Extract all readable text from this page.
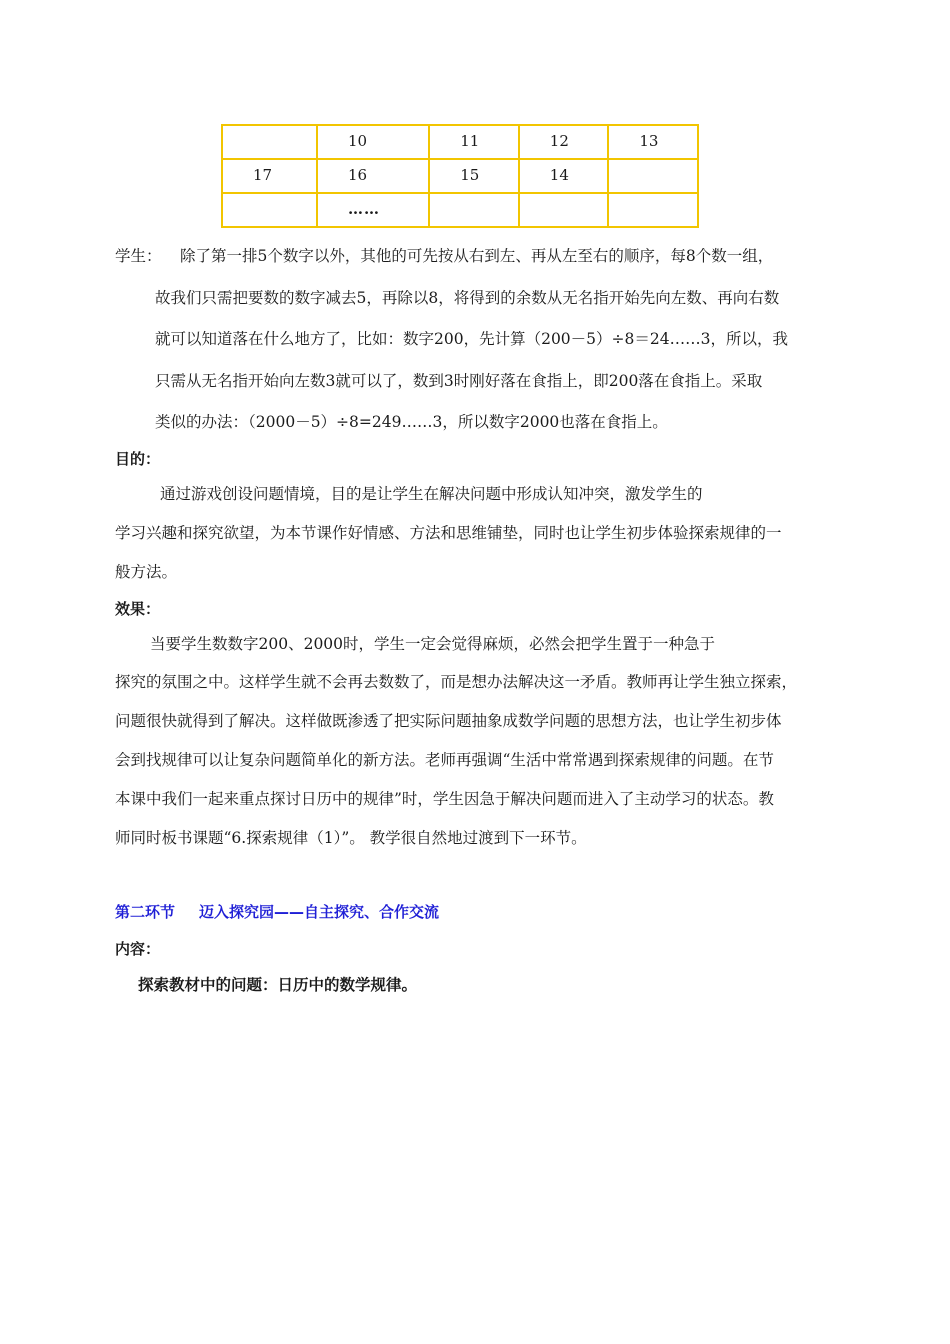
	10	11	12	13
17	16	15	14	
	……			
学生： 除了第一排5个数字以外，其他的可先按从右到左、再从左至右的顺序，每8个数一组，
故我们只需把要数的数字减去5，再除以8，将得到的余数从无名指开始先向左数、再向右数
就可以知道落在什么地方了，比如：数字200，先计算（200－5）÷8＝24……3，所以，我
只需从无名指开始向左数3就可以了，数到3时刚好落在食指上，即200落在食指上。采取
类似的办法：（2000－5）÷8=249……3，所以数字2000也落在食指上。
目的：
通过游戏创设问题情境，目的是让学生在解决问题中形成认知冲突，激发学生的
学习兴趣和探究欲望，为本节课作好情感、方法和思维铺垫，同时也让学生初步体验探索规律的一
般方法。
效果：
当要学生数数字200、2000时，学生一定会觉得麻烦，必然会把学生置于一种急于
探究的氛围之中。这样学生就不会再去数数了，而是想办法解决这一矛盾。教师再让学生独立探索，
问题很快就得到了解决。这样做既渗透了把实际问题抽象成数学问题的思想方法，也让学生初步体
会到找规律可以让复杂问题简单化的新方法。老师再强调“生活中常常遇到探索规律的问题。在节
本课中我们一起来重点探讨日历中的规律”时，学生因急于解决问题而进入了主动学习的状态。教
师同时板书课题“6.探索规律（1）”。 教学很自然地过渡到下一环节。
第二环节 迈入探究园——自主探究、合作交流
内容：
探索教材中的问题：日历中的数学规律。
